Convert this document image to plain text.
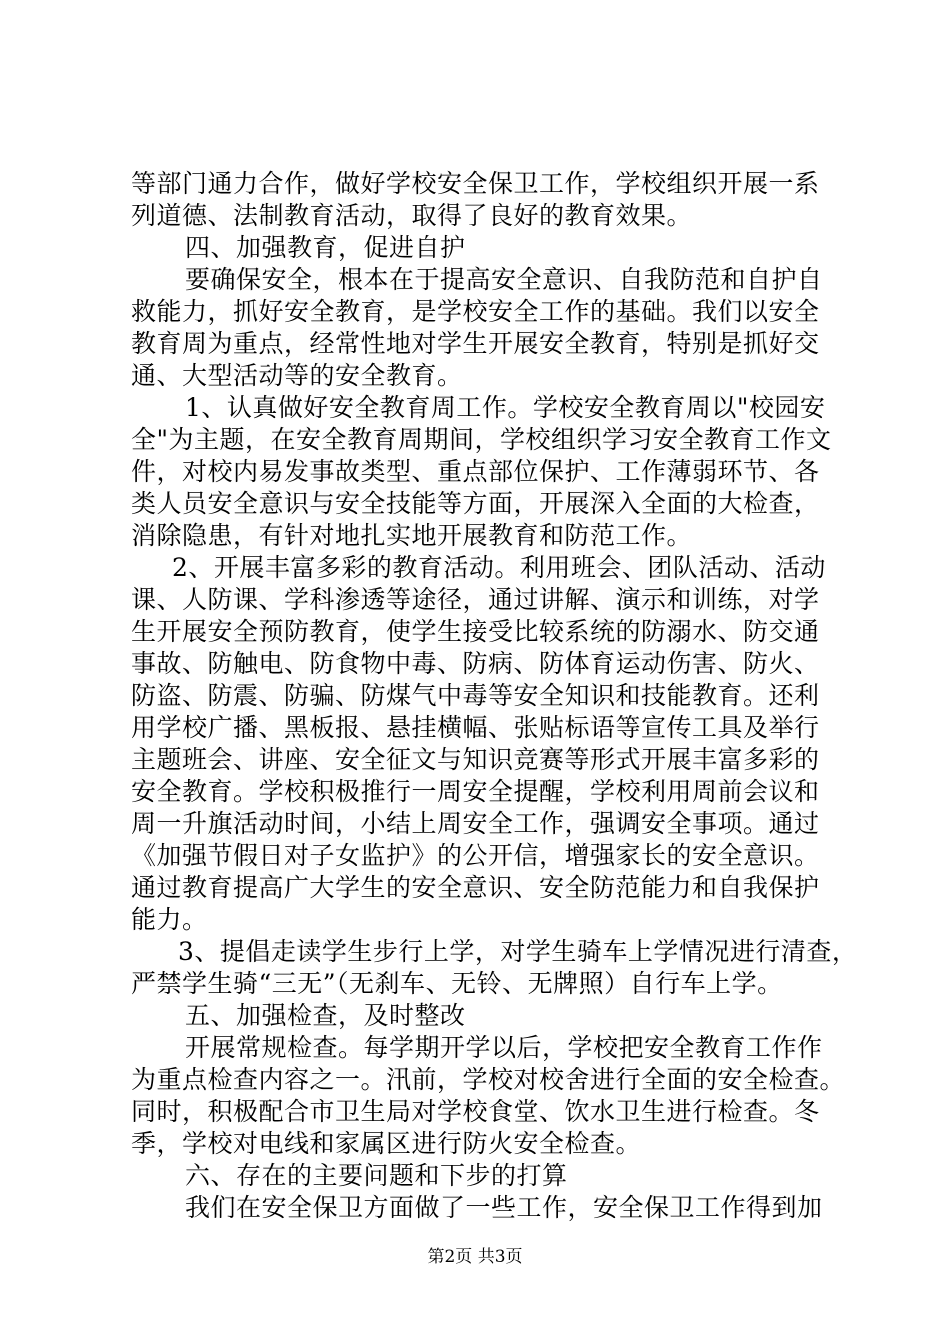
等部门通力合作，做好学校安全保卫工作，学校组织开展一系
列道德、法制教育活动，取得了良好的教育效果。
四、加强教育，促进自护
要确保安全，根本在于提高安全意识、自我防范和自护自
救能力，抓好安全教育，是学校安全工作的基础。我们以安全
教育周为重点，经常性地对学生开展安全教育，特别是抓好交
通、大型活动等的安全教育。
1、认真做好安全教育周工作。学校安全教育周以"校园安
全"为主题，在安全教育周期间，学校组织学习安全教育工作文
件，对校内易发事故类型、重点部位保护、工作薄弱环节、各
类人员安全意识与安全技能等方面，开展深入全面的大检查，
消除隐患，有针对地扎实地开展教育和防范工作。
2、开展丰富多彩的教育活动。利用班会、团队活动、活动
课、人防课、学科渗透等途径，通过讲解、演示和训练，对学
生开展安全预防教育，使学生接受比较系统的防溺水、防交通
事故、防触电、防食物中毒、防病、防体育运动伤害、防火、
防盗、防震、防骗、防煤气中毒等安全知识和技能教育。还利
用学校广播、黑板报、悬挂横幅、张贴标语等宣传工具及举行
主题班会、讲座、安全征文与知识竞赛等形式开展丰富多彩的
安全教育。学校积极推行一周安全提醒，学校利用周前会议和
周一升旗活动时间，小结上周安全工作，强调安全事项。通过
《加强节假日对子女监护》的公开信，增强家长的安全意识。
通过教育提高广大学生的安全意识、安全防范能力和自我保护
能力。
3、提倡走读学生步行上学，对学生骑车上学情况进行清查，
严禁学生骑“三无”（无刹车、无铃、无牌照）自行车上学。
五、加强检查，及时整改
开展常规检查。每学期开学以后，学校把安全教育工作作
为重点检查内容之一。汛前，学校对校舍进行全面的安全检查。
同时，积极配合市卫生局对学校食堂、饮水卫生进行检查。冬
季，学校对电线和家属区进行防火安全检查。
六、存在的主要问题和下步的打算
我们在安全保卫方面做了一些工作，安全保卫工作得到加
第2页 共3页
